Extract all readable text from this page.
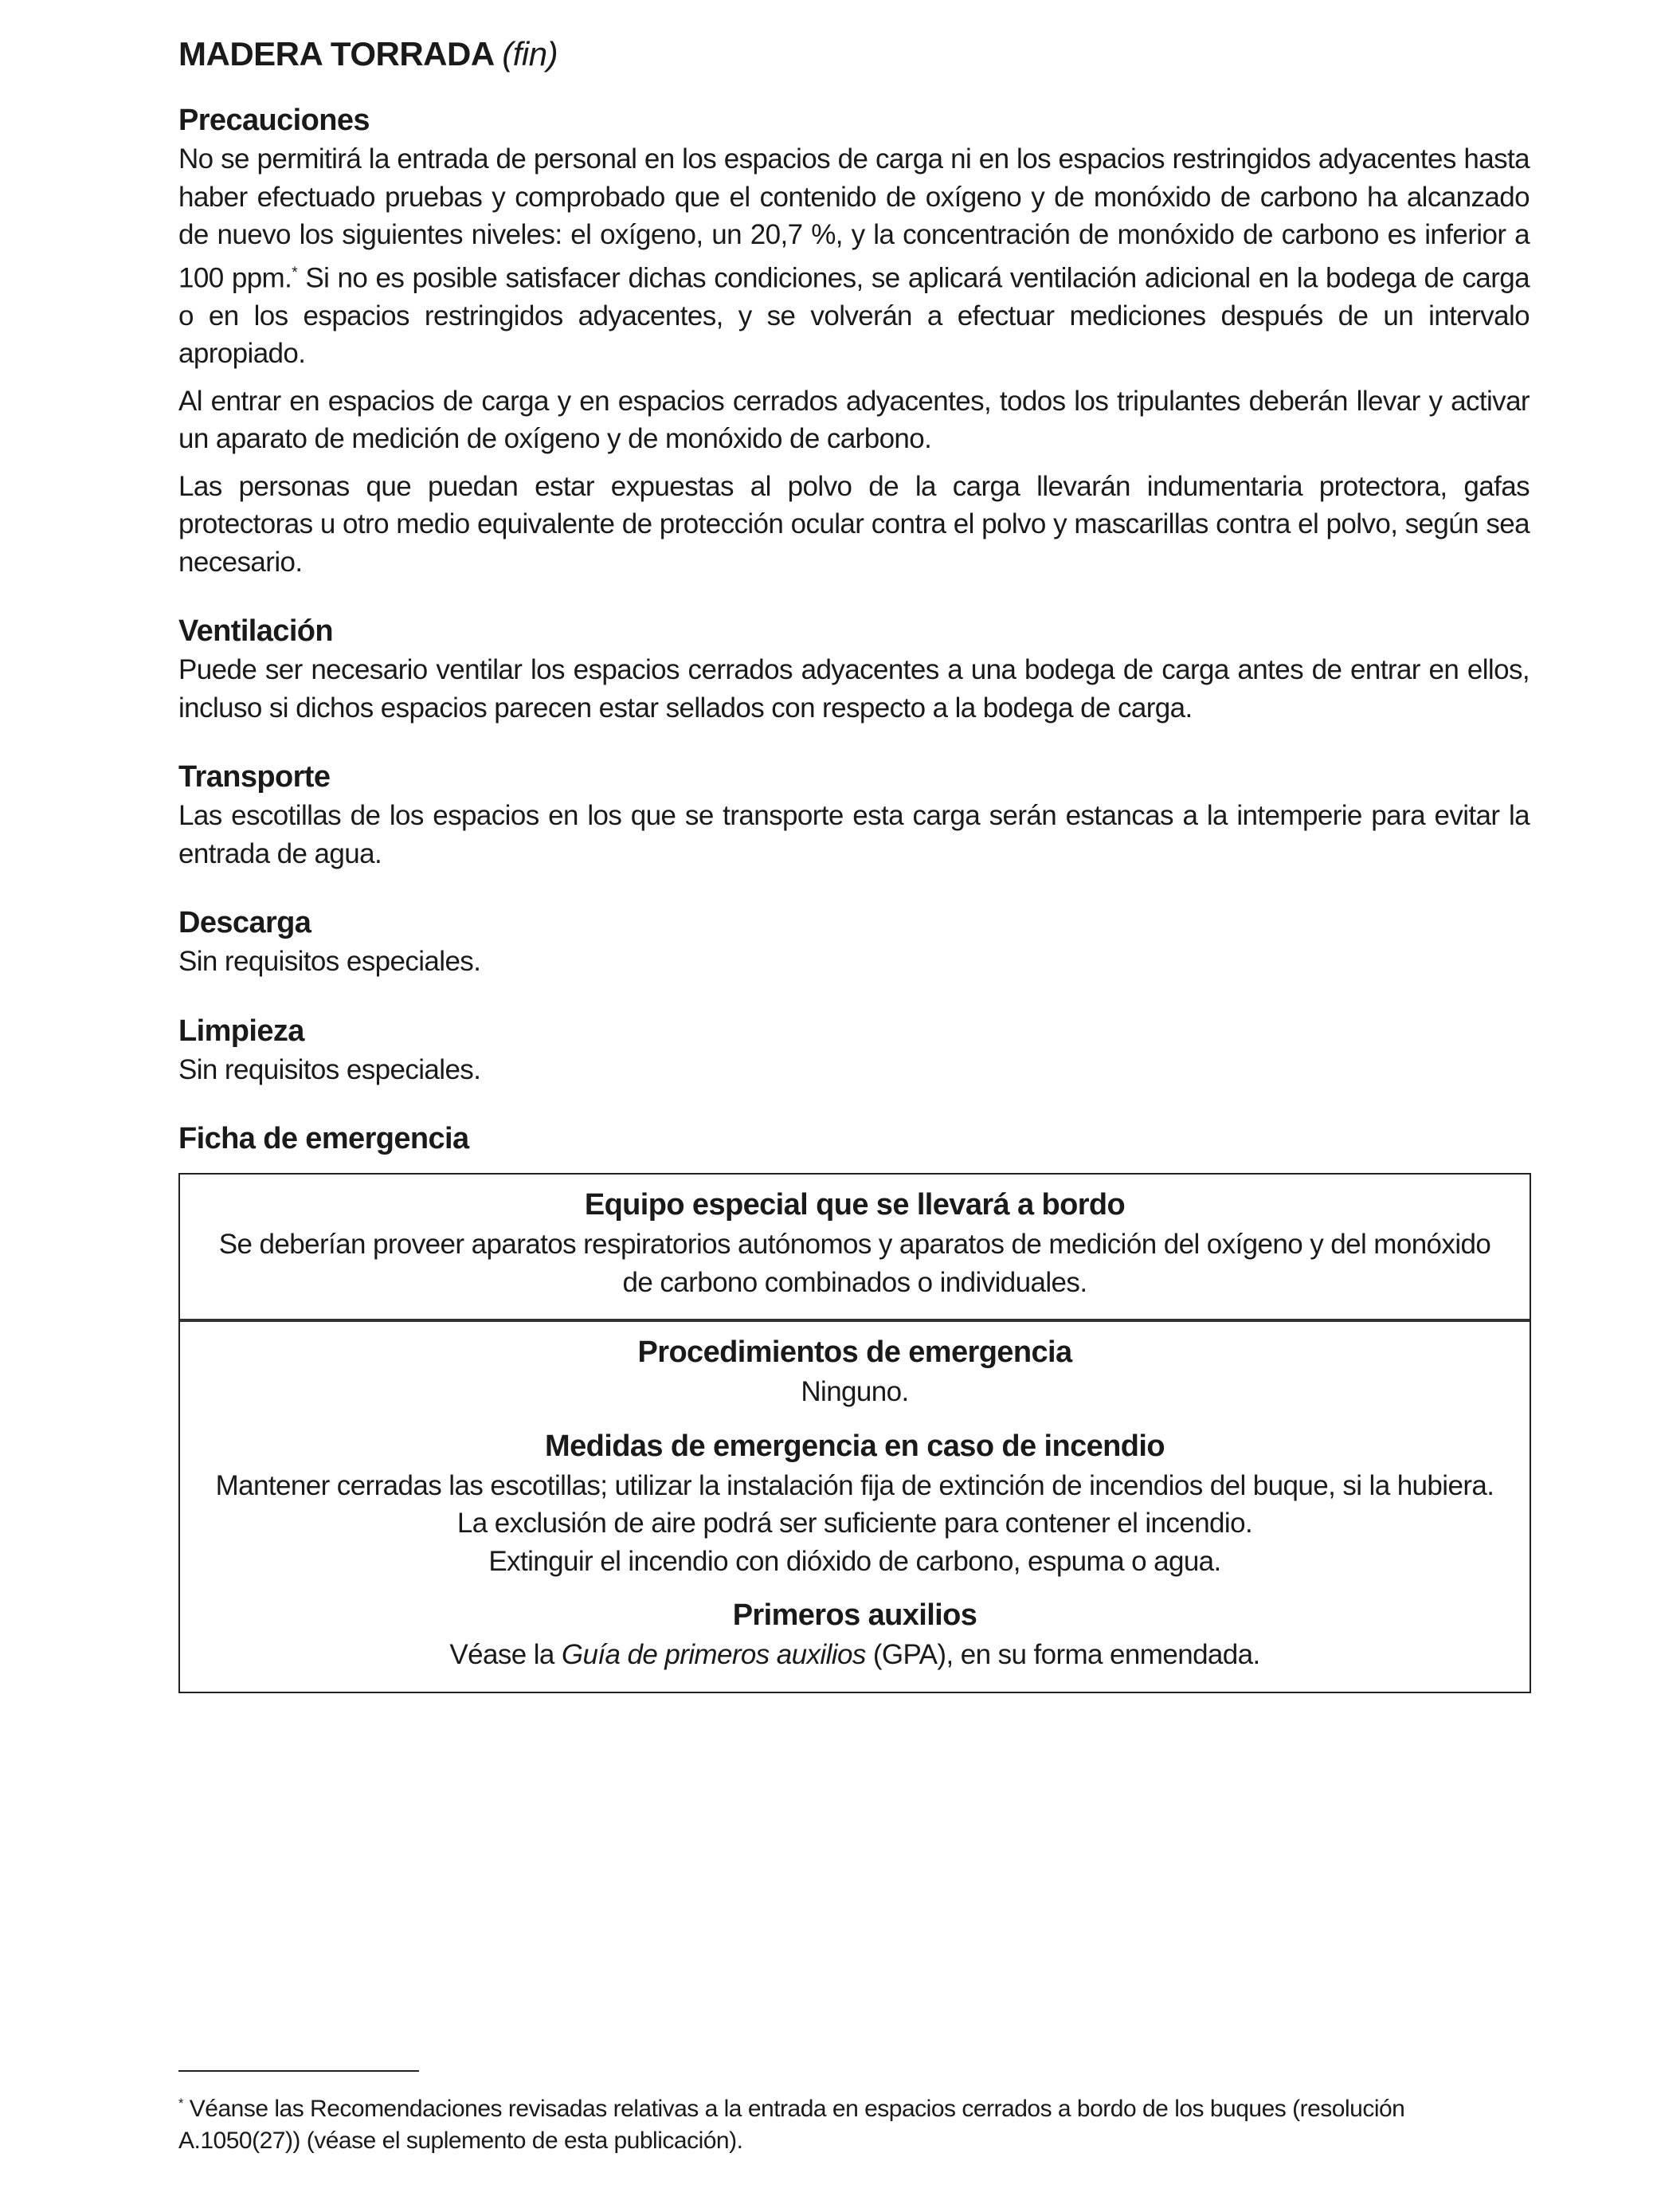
MADERA TORRADA (fin)
Precauciones

No se permitirá la entrada de personal en los espacios de carga ni en los espacios restringidos adyacentes hasta haber efectuado pruebas y comprobado que el contenido de oxígeno y de monóxido de carbono ha alcanzado de nuevo los siguientes niveles: el oxígeno, un 20,7 %, y la concentración de monóxido de carbono es inferior a 100 ppm.* Si no es posible satisfacer dichas condiciones, se aplicará ventilación adicional en la bodega de carga o en los espacios restringidos adyacentes, y se volverán a efectuar mediciones después de un intervalo apropiado.

Al entrar en espacios de carga y en espacios cerrados adyacentes, todos los tripulantes deberán llevar y activar un aparato de medición de oxígeno y de monóxido de carbono.

Las personas que puedan estar expuestas al polvo de la carga llevarán indumentaria protectora, gafas protectoras u otro medio equivalente de protección ocular contra el polvo y mascarillas contra el polvo, según sea necesario.

Ventilación

Puede ser necesario ventilar los espacios cerrados adyacentes a una bodega de carga antes de entrar en ellos, incluso si dichos espacios parecen estar sellados con respecto a la bodega de carga.

Transporte

Las escotillas de los espacios en los que se transporte esta carga serán estancas a la intemperie para evitar la entrada de agua.

Descarga

Sin requisitos especiales.

Limpieza

Sin requisitos especiales.

Ficha de emergencia
Equipo especial que se llevará a bordo

Se deberían proveer aparatos respiratorios autónomos y aparatos de medición del oxígeno y del monóxido de carbono combinados o individuales.

Procedimientos de emergencia

Ninguno.

Medidas de emergencia en caso de incendio

Mantener cerradas las escotillas; utilizar la instalación fija de extinción de incendios del buque, si la hubiera. La exclusión de aire podrá ser suficiente para contener el incendio.

Extinguir el incendio con dióxido de carbono, espuma o agua.

Primeros auxilios

Véase la Guía de primeros auxilios (GPA), en su forma enmendada.

* Véanse las Recomendaciones revisadas relativas a la entrada en espacios cerrados a bordo de los buques (resolución A.1050(27)) (véase el suplemento de esta publicación).
